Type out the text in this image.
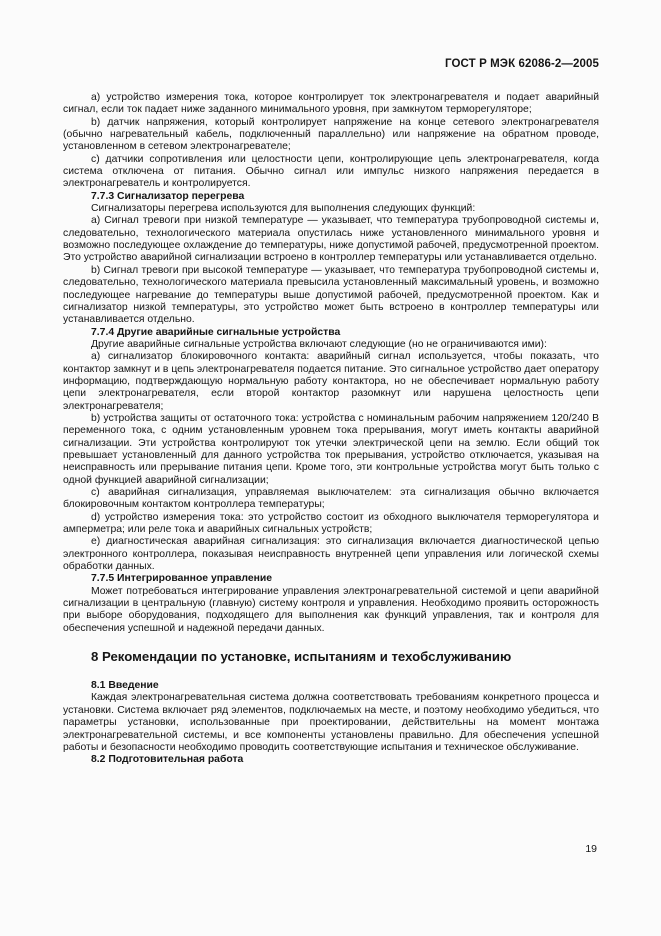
ГОСТ Р МЭК 62086-2—2005

а) устройство измерения тока, которое контролирует ток электронагревателя и подает аварийный сигнал, если ток падает ниже заданного минимального уровня, при замкнутом терморегуляторе;

b) датчик напряжения, который контролирует напряжение на конце сетевого электронагревателя (обычно нагревательный кабель, подключенный параллельно) или напряжение на обратном проводе, установленном в сетевом электронагревателе;

с) датчики сопротивления или целостности цепи, контролирующие цепь электронагревателя, когда система отключена от питания. Обычно сигнал или импульс низкого напряжения передается в электронагреватель и контролируется.

7.7.3 Сигнализатор перегрева

Сигнализаторы перегрева используются для выполнения следующих функций:

а) Сигнал тревоги при низкой температуре — указывает, что температура трубопроводной системы и, следовательно, технологического материала опустилась ниже установленного минимального уровня и возможно последующее охлаждение до температуры, ниже допустимой рабочей, предусмотренной проектом. Это устройство аварийной сигнализации встроено в контроллер температуры или устанавливается отдельно.

b) Сигнал тревоги при высокой температуре — указывает, что температура трубопроводной системы и, следовательно, технологического материала превысила установленный максимальный уровень, и возможно последующее нагревание до температуры выше допустимой рабочей, предусмотренной проектом. Как и сигнализатор низкой температуры, это устройство может быть встроено в контроллер температуры или устанавливается отдельно.

7.7.4 Другие аварийные сигнальные устройства

Другие аварийные сигнальные устройства включают следующие (но не ограничиваются ими):

а) сигнализатор блокировочного контакта: аварийный сигнал используется, чтобы показать, что контактор замкнут и в цепь электронагревателя подается питание. Это сигнальное устройство дает оператору информацию, подтверждающую нормальную работу контактора, но не обеспечивает нормальную работу цепи электронагревателя, если второй контактор разомкнут или нарушена целостность цепи электронагревателя;

b) устройства защиты от остаточного тока: устройства с номинальным рабочим напряжением 120/240 В переменного тока, с одним установленным уровнем тока прерывания, могут иметь контакты аварийной сигнализации. Эти устройства контролируют ток утечки электрической цепи на землю. Если общий ток превышает установленный для данного устройства ток прерывания, устройство отключается, указывая на неисправность или прерывание питания цепи. Кроме того, эти контрольные устройства могут быть только с одной функцией аварийной сигнализации;

с) аварийная сигнализация, управляемая выключателем: эта сигнализация обычно включается блокировочным контактом контроллера температуры;

d) устройство измерения тока: это устройство состоит из обходного выключателя терморегулятора и амперметра; или реле тока и аварийных сигнальных устройств;

е) диагностическая аварийная сигнализация: это сигнализация включается диагностической цепью электронного контроллера, показывая неисправность внутренней цепи управления или логической схемы обработки данных.

7.7.5 Интегрированное управление

Может потребоваться интегрирование управления электронагревательной системой и цепи аварийной сигнализации в центральную (главную) систему контроля и управления. Необходимо проявить осторожность при выборе оборудования, подходящего для выполнения как функций управления, так и контроля для обеспечения успешной и надежной передачи данных.

8 Рекомендации по установке, испытаниям и техобслуживанию

8.1 Введение

Каждая электронагревательная система должна соответствовать требованиям конкретного процесса и установки. Система включает ряд элементов, подключаемых на месте, и поэтому необходимо убедиться, что параметры установки, использованные при проектировании, действительны на момент монтажа электронагревательной системы, и все компоненты установлены правильно. Для обеспечения успешной работы и безопасности необходимо проводить соответствующие испытания и техническое обслуживание.

8.2 Подготовительная работа

19
